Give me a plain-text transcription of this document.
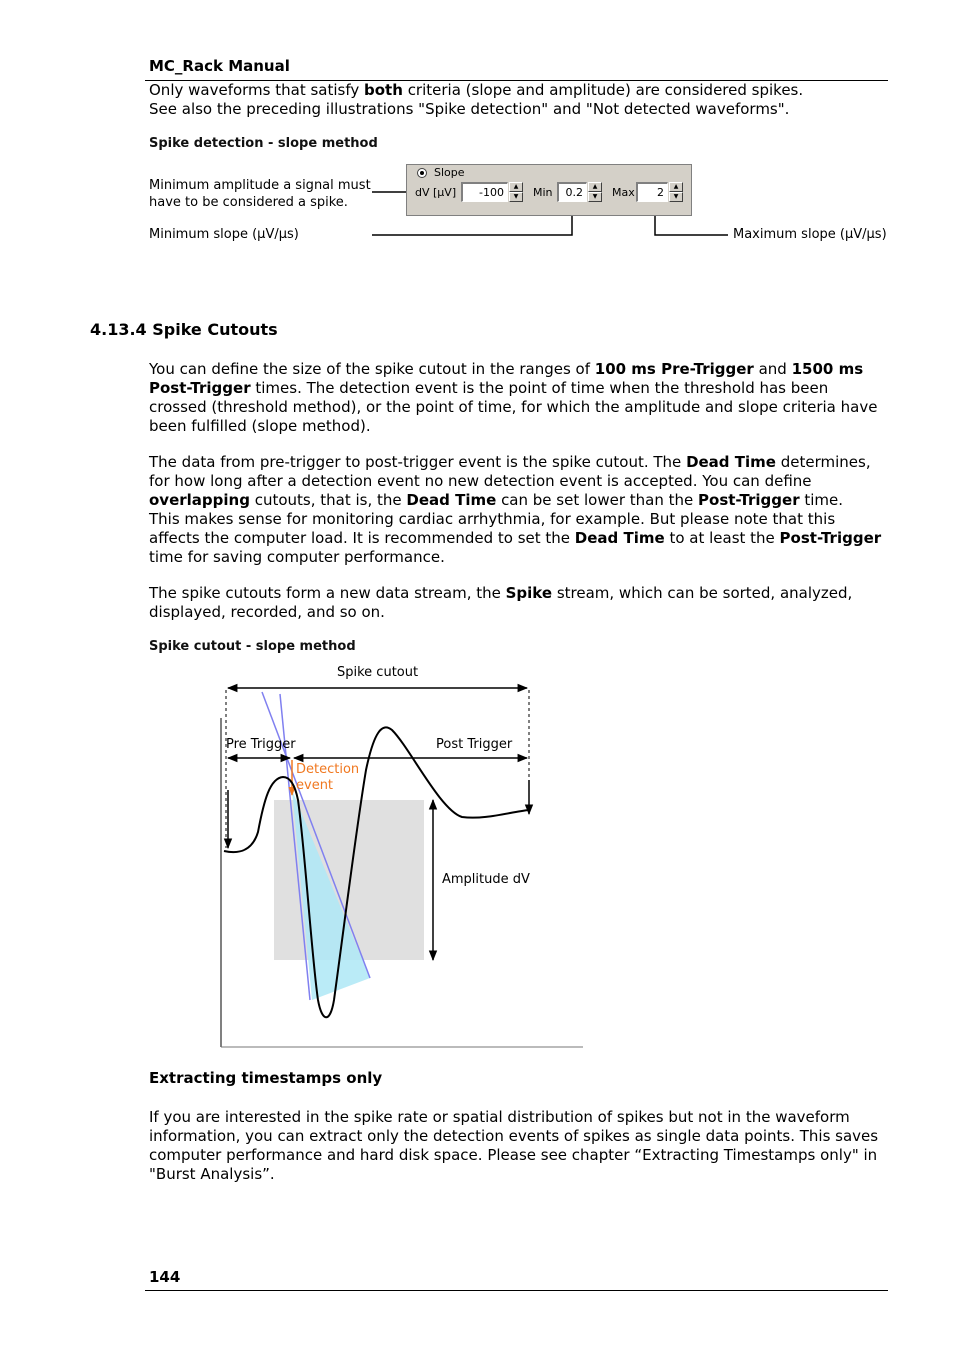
MC_Rack Manual

Only waveforms that satisfy both criteria (slope and amplitude) are considered spikes.
See also the preceding illustrations "Spike detection" and "Not detected waveforms".

Spike detection - slope method
Minimum amplitude a signal must
have to be considered a spike.
Minimum slope (µV/µs)	Maximum slope (µV/µs)
Slope
dV [µV]	-100	▲
▼	Min	0.2	▲
▼	Max	2	▲
▼
4.13.4 Spike Cutouts

You can define the size of the spike cutout in the ranges of 100 ms Pre-Trigger and 1500 ms Post-Trigger times. The detection event is the point of time when the threshold has been crossed (threshold method), or the point of time, for which the amplitude and slope criteria have been fulfilled (slope method).

The data from pre-trigger to post-trigger event is the spike cutout. The Dead Time determines, for how long after a detection event no new detection event is accepted. You can define overlapping cutouts, that is, the Dead Time can be set lower than the Post-Trigger time.
This makes sense for monitoring cardiac arrhythmia, for example. But please note that this affects the computer load. It is recommended to set the Dead Time to at least the Post-Trigger time for saving computer performance.

The spike cutouts form a new data stream, the Spike stream, which can be sorted, analyzed, displayed, recorded, and so on.

Spike cutout - slope method
Spike cutout
Pre Trigger	Post Trigger
Detection
event
Amplitude dV
Extracting timestamps only

If you are interested in the spike rate or spatial distribution of spikes but not in the waveform information, you can extract only the detection events of spikes as single data points. This saves computer performance and hard disk space. Please see chapter “Extracting Timestamps only" in "Burst Analysis”.

144
